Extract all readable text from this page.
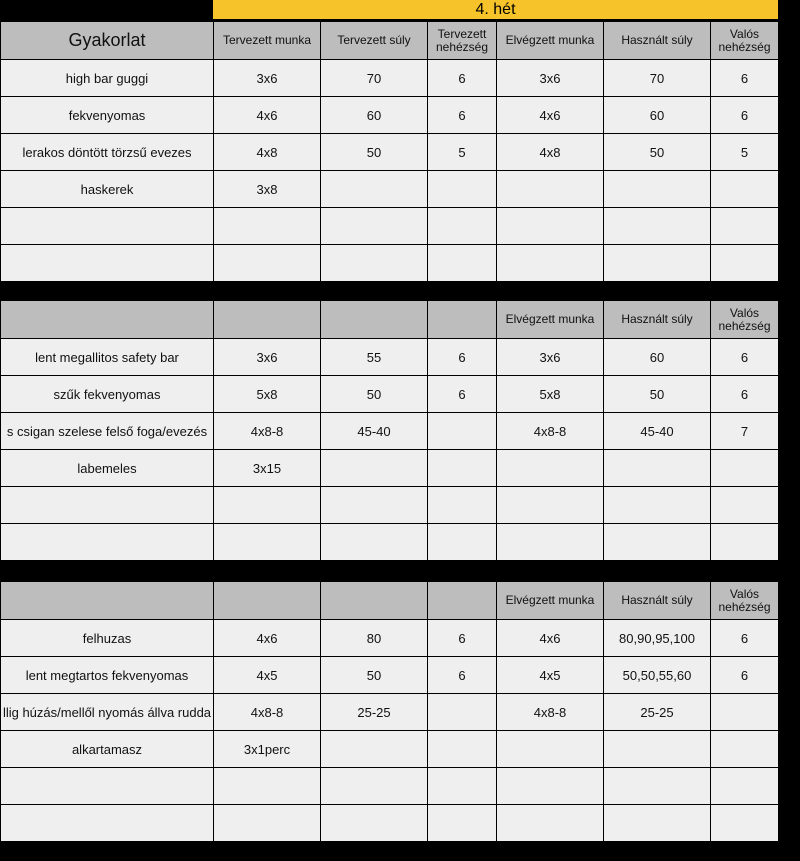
4. hét
Gyakorlat	Tervezett munka	Tervezett súly	Tervezett nehézség	Elvégzett munka	Használt súly	Valós nehézség

high bar guggi	3x6	70	6	3x6	70	6
fekvenyomas	4x6	60	6	4x6	60	6
lerakos döntött törzsű evezes	4x8	50	5	4x8	50	5
haskerek	3x8					

				Elvégzett munka	Használt súly	Valós nehézség

lent megallitos safety bar	3x6	55	6	3x6	60	6
szűk fekvenyomas	5x8	50	6	5x8	50	6

s csigan szelese felső foga/evezés	4x8-8	45-40		4x8-8	45-40	7
labemeles	3x15					

				Elvégzett munka	Használt súly	Valós nehézség

felhuzas	4x6	80	6	4x6	80,90,95,100	6
lent megtartos fekvenyomas	4x5	50	6	4x5	50,50,55,60	6

llig húzás/mellől nyomás állva rudda	4x8-8	25-25		4x8-8	25-25	
alkartamasz	3x1perc					
